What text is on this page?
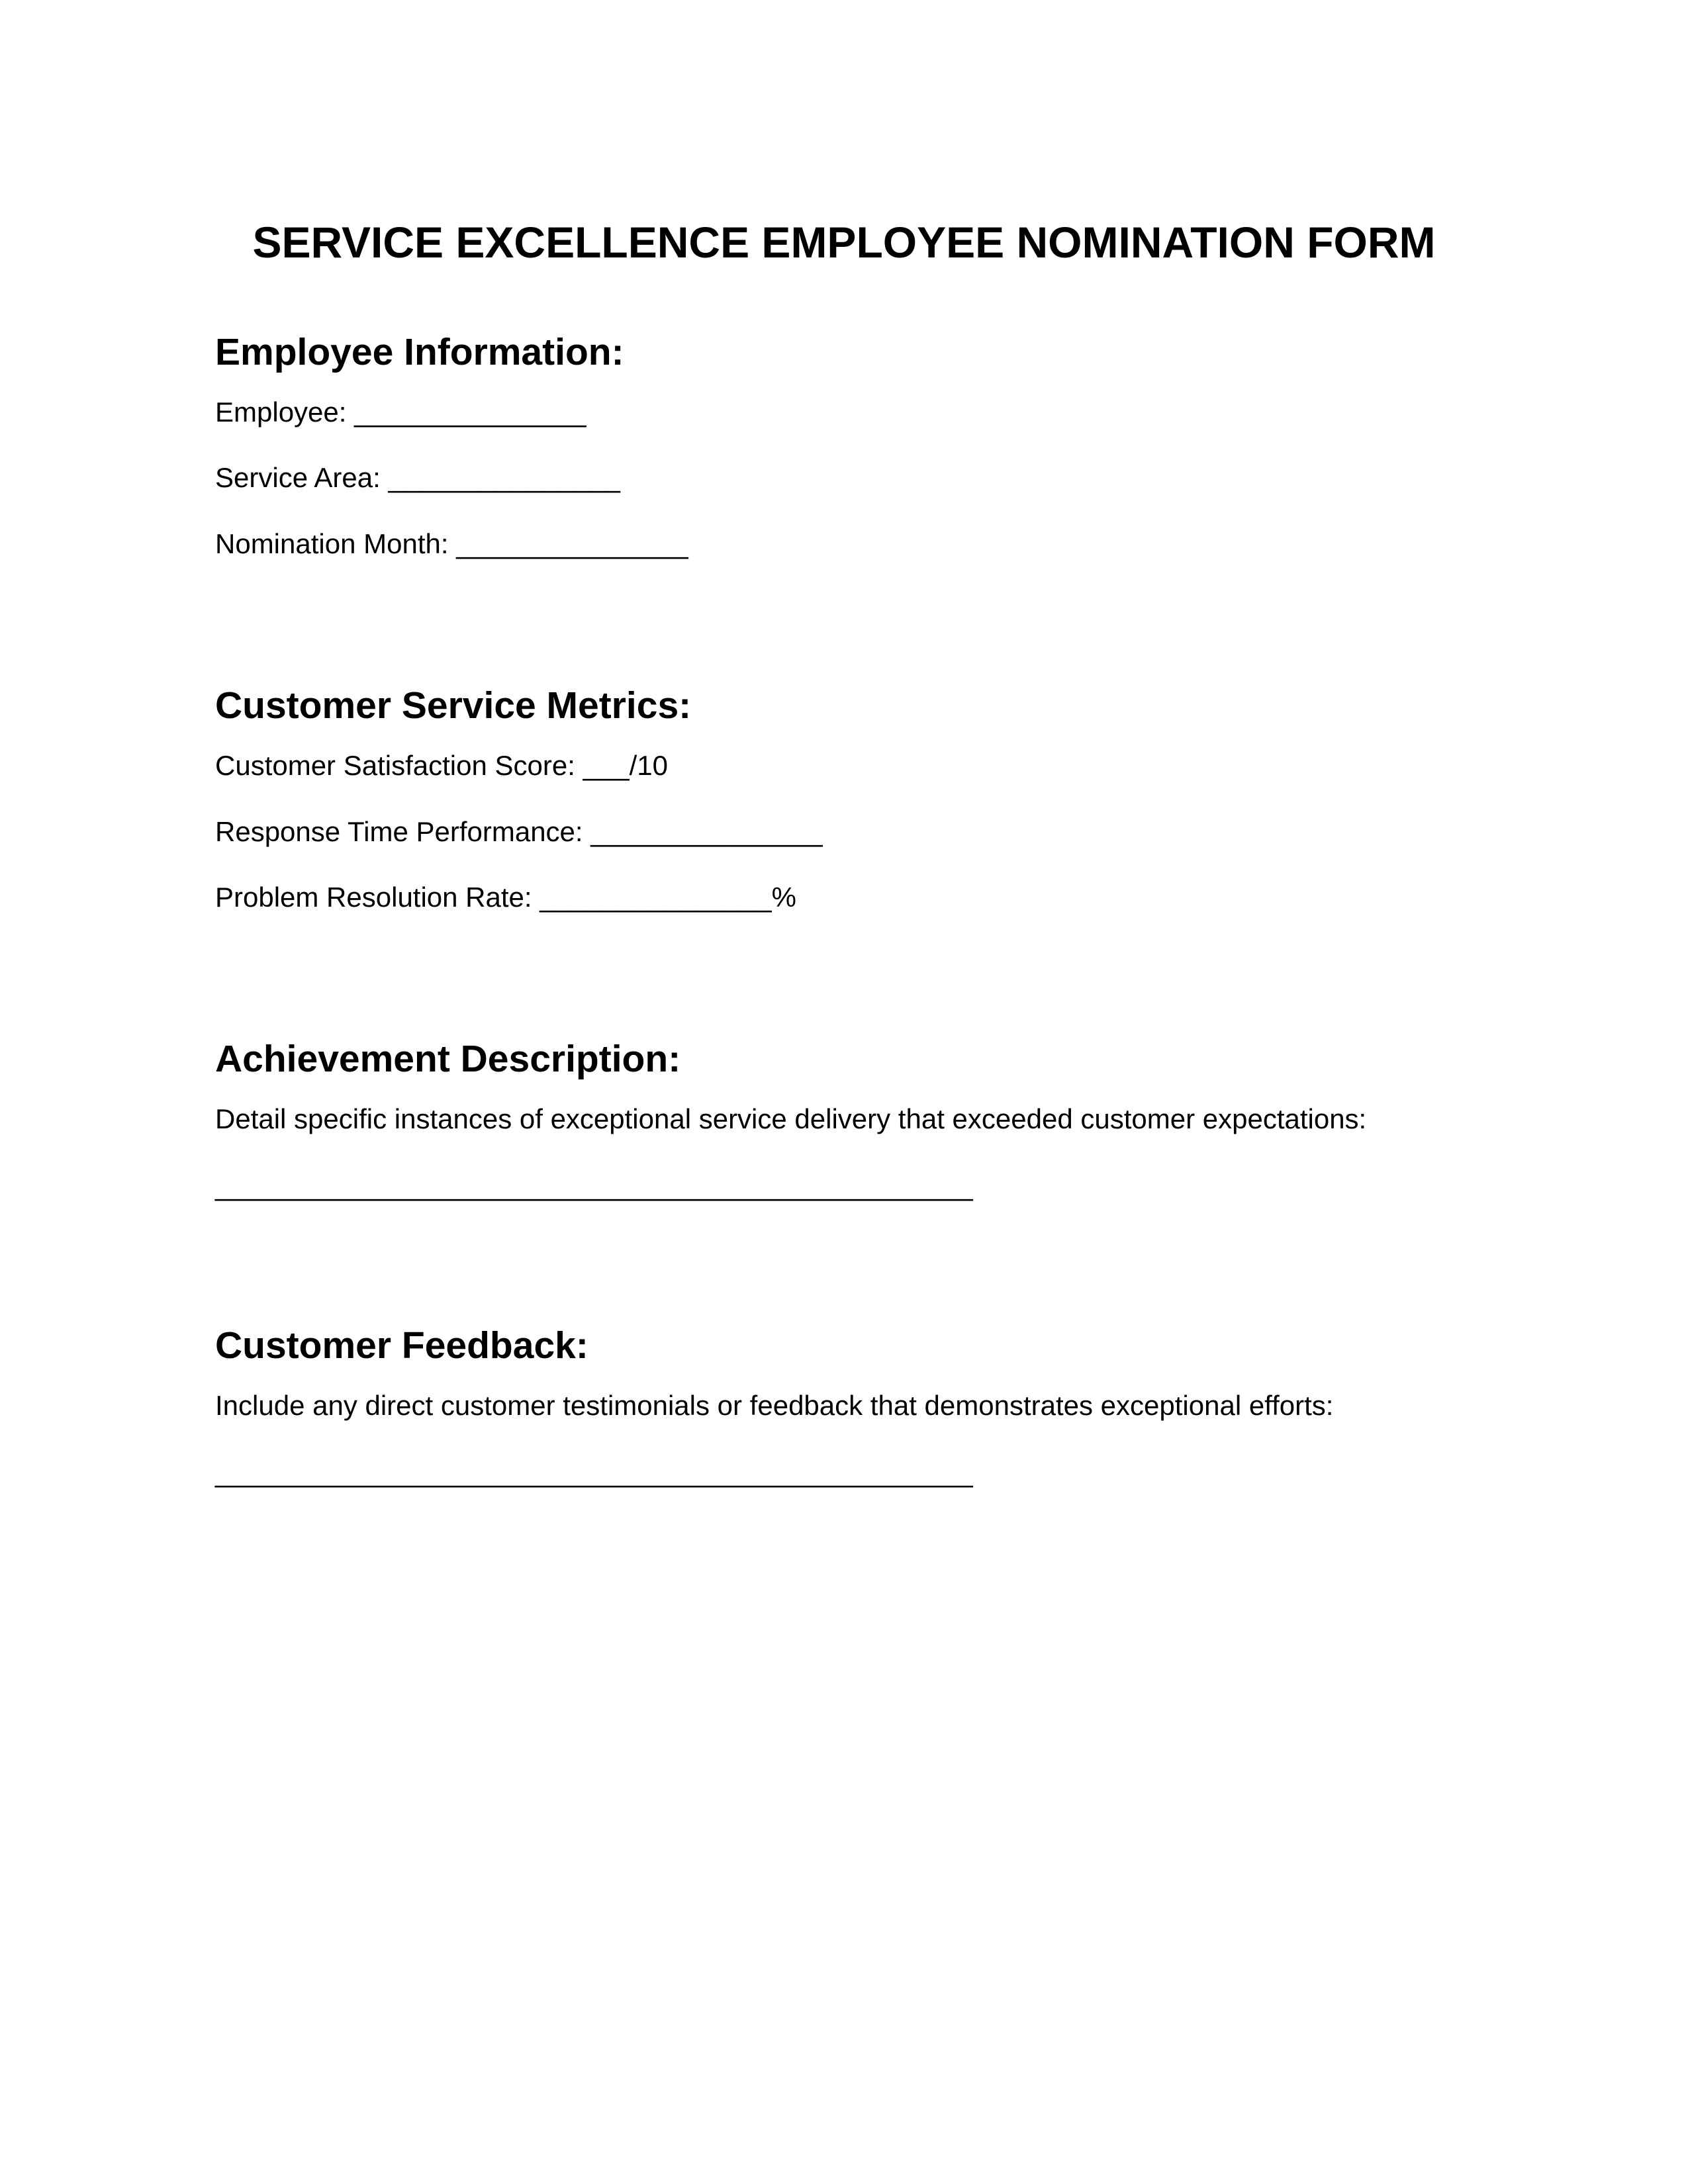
SERVICE EXCELLENCE EMPLOYEE NOMINATION FORM
Employee Information:

Employee: _______________

Service Area: _______________

Nomination Month: _______________

Customer Service Metrics:

Customer Satisfaction Score: ___/10

Response Time Performance: _______________

Problem Resolution Rate: _______________%

Achievement Description:

Detail specific instances of exceptional service delivery that exceeded customer expectations:

_________________________________________________

Customer Feedback:

Include any direct customer testimonials or feedback that demonstrates exceptional efforts:

_________________________________________________
